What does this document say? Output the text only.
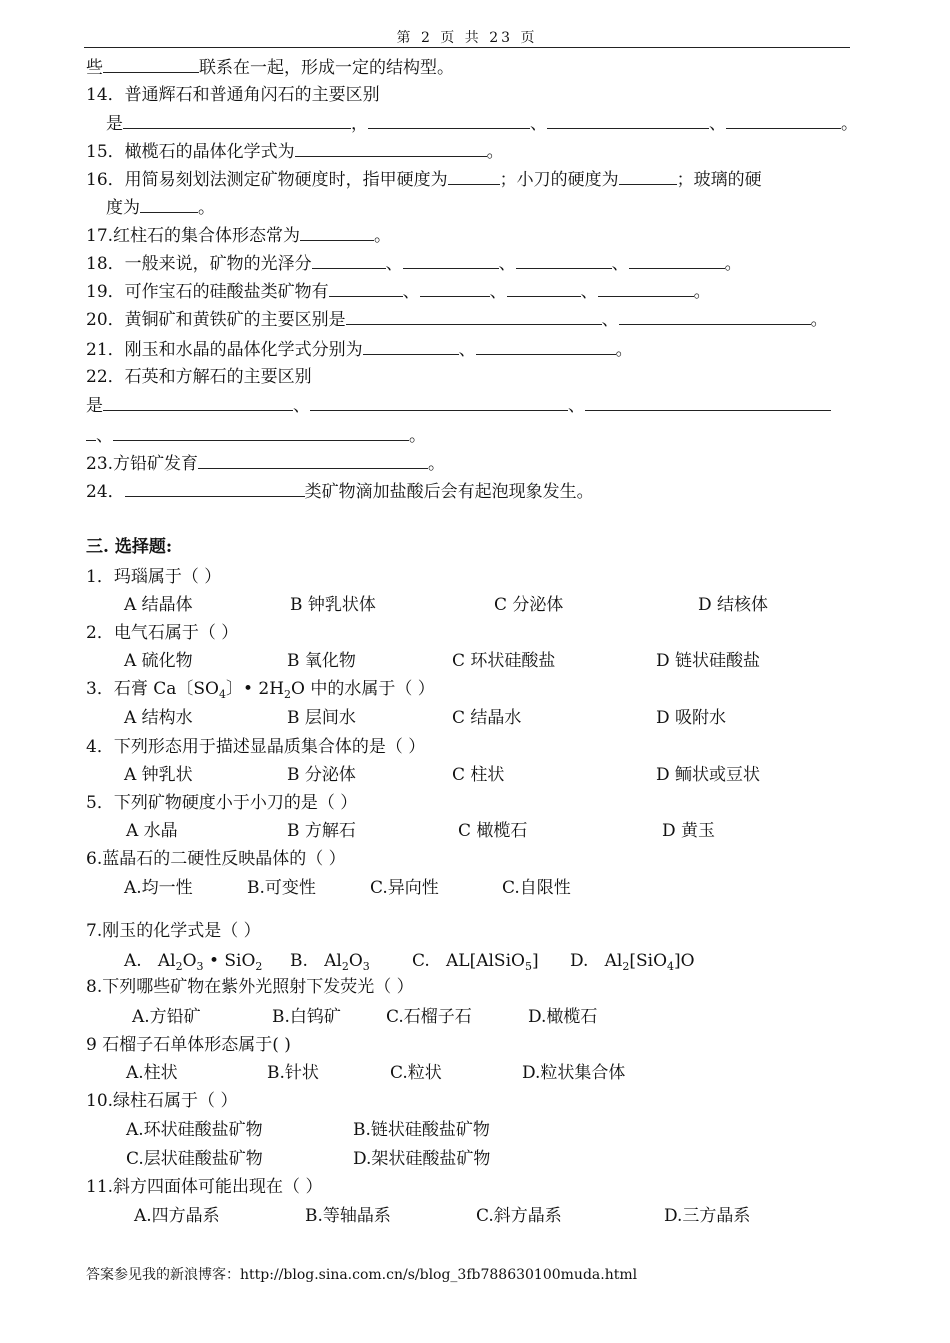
第 2 页 共 23 页
些	联系在一起，形成一定的结构型。
14．普通辉石和普通角闪石的主要区别
是	，	、	、	。
15．橄榄石的晶体化学式为	。
16．用简易刻划法测定矿物硬度时，指甲硬度为	；小刀的硬度为	；玻璃的硬
度为	。
17.红柱石的集合体形态常为	。
18．一般来说，矿物的光泽分	、	、	、	。
19．可作宝石的硅酸盐类矿物有	、	、	、	。
20．黄铜矿和黄铁矿的主要区别是	、	。
21．刚玉和水晶的晶体化学式分别为	、	。
22．石英和方解石的主要区别
是	、	、
、	。
23.方铅矿发育	。
24．	类矿物滴加盐酸后会有起泡现象发生。
三. 选择题:
1．玛瑙属于（ ）
A 结晶体	B 钟乳状体	C 分泌体	D 结核体
2．电气石属于（ ）
A 硫化物	B 氧化物	C 环状硅酸盐	D 链状硅酸盐
3．石膏 Ca〔$SO_4$〕• $2H_2O$ 中的水属于（ ）
A 结构水	B 层间水	C 结晶水	D 吸附水
4．下列形态用于描述显晶质集合体的是（ ）
A 钟乳状	B 分泌体	C 柱状	D 鲕状或豆状
5．下列矿物硬度小于小刀的是（ ）
A 水晶	B 方解石	C 橄榄石	D 黄玉
6.蓝晶石的二硬性反映晶体的（ ）
A.均一性	B.可变性	C.异向性	C.自限性
7.刚玉的化学式是（ ）
A.   $Al_2O_3$ • SiO$_2$ B.   $Al_2O_3$ C.   AL[AlSiO$_5$] D.   $Al_2[SiO_4]O$
8.下列哪些矿物在紫外光照射下发荧光（ ）
A.方铅矿	B.白钨矿	C.石榴子石	D.橄榄石
9 石榴子石单体形态属于( )
A.柱状	B.针状	C.粒状	D.粒状集合体
10.绿柱石属于（ ）
A.环状硅酸盐矿物	B.链状硅酸盐矿物
C.层状硅酸盐矿物	D.架状硅酸盐矿物
11.斜方四面体可能出现在（ ）
A.四方晶系	B.等轴晶系	C.斜方晶系	D.三方晶系
答案参见我的新浪博客：http://blog.sina.com.cn/s/blog_3fb788630100muda.html
